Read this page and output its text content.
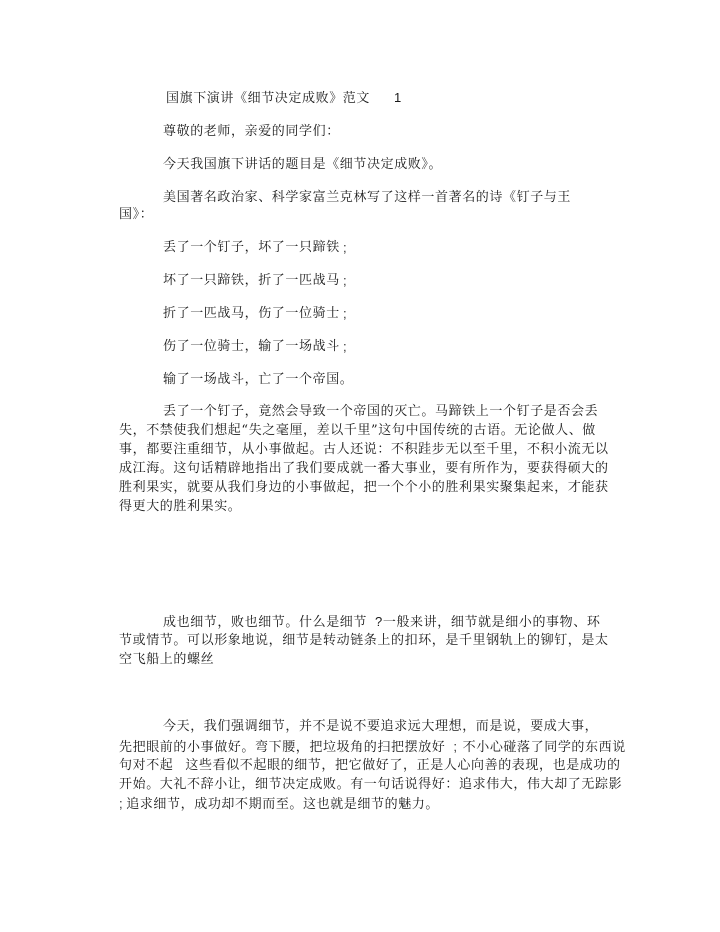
国旗下演讲《细节决定成败》范文 1
尊敬的老师，亲爱的同学们：
今天我国旗下讲话的题目是《细节决定成败》。
美国著名政治家、科学家富兰克林写了这样一首著名的诗《钉子与王
国》：
丢了一个钉子，坏了一只蹄铁 ;
坏了一只蹄铁，折了一匹战马 ;
折了一匹战马，伤了一位骑士 ;
伤了一位骑士，输了一场战斗 ;
输了一场战斗，亡了一个帝国。
丢了一个钉子，竟然会导致一个帝国的灭亡。马蹄铁上一个钉子是否会丢
失，不禁使我们想起“失之毫厘，差以千里”这句中国传统的古语。无论做人、做
事，都要注重细节，从小事做起。古人还说：不积跬步无以至千里，不积小流无以
成江海。这句话精辟地指出了我们要成就一番大事业，要有所作为，要获得硕大的
胜利果实，就要从我们身边的小事做起，把一个个小的胜利果实聚集起来，才能获
得更大的胜利果实。
成也细节，败也细节。什么是细节 ?一般来讲，细节就是细小的事物、环
节或情节。可以形象地说，细节是转动链条上的扣环，是千里钢轨上的铆钉，是太
空飞船上的螺丝
今天，我们强调细节，并不是说不要追求远大理想，而是说，要成大事，
先把眼前的小事做好。弯下腰，把垃圾角的扫把摆放好 ; 不小心碰落了同学的东西说
句对不起 这些看似不起眼的细节，把它做好了，正是人心向善的表现，也是成功的
开始。大礼不辞小让，细节决定成败。有一句话说得好：追求伟大，伟大却了无踪影
; 追求细节，成功却不期而至。这也就是细节的魅力。
